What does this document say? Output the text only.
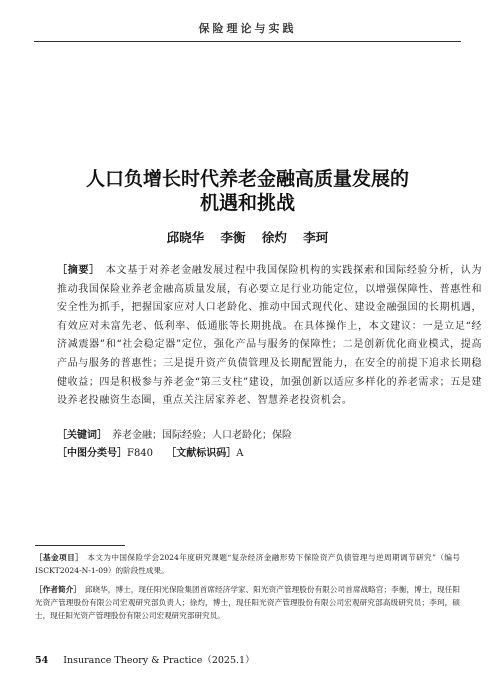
保险理论与实践
人口负增长时代养老金融高质量发展的
机遇和挑战
邱晓华 李衡 徐灼 李珂
［摘要］　 本文基于对养老金融发展过程中我国保险机构的实践探索和国际经验分析，认为推动我国保险业养老金融高质量发展，有必要立足行业功能定位，以增强保障性、普惠性和安全性为抓手，把握国家应对人口老龄化、推动中国式现代化、建设金融强国的长期机遇，有效应对未富先老、低利率、低通胀等长期挑战。在具体操作上，本文建议：一是立足“经济减震器”和“社会稳定器”定位，强化产品与服务的保障性；二是创新优化商业模式，提高产品与服务的普惠性；三是提升资产负债管理及长期配置能力，在安全的前提下追求长期稳健收益；四是积极参与养老金“第三支柱”建设，加强创新以适应多样化的养老需求；五是建设养老投融资生态圈，重点关注居家养老、智慧养老投资机会。
［关键词］　 养老金融；国际经验；人口老龄化；保险
［中图分类号］F840　 ［文献标识码］A
［基金项目］　 本文为中国保险学会2024年度研究课题“复杂经济金融形势下保险资产负债管理与逆周期调节研究”（编号ISCKT2024-N-1-09）的阶段性成果。
［作者简介］　 邱晓华，博士，现任阳光保险集团首席经济学家、阳光资产管理股份有限公司首席战略官；李衡，博士，现任阳光资产管理股份有限公司宏观研究部负责人；徐灼，博士，现任阳光资产管理股份有限公司宏观研究部高级研究员；李珂，硕士，现任阳光资产管理股份有限公司宏观研究部研究员。
54 Insurance Theory & Practice（2025.1）
